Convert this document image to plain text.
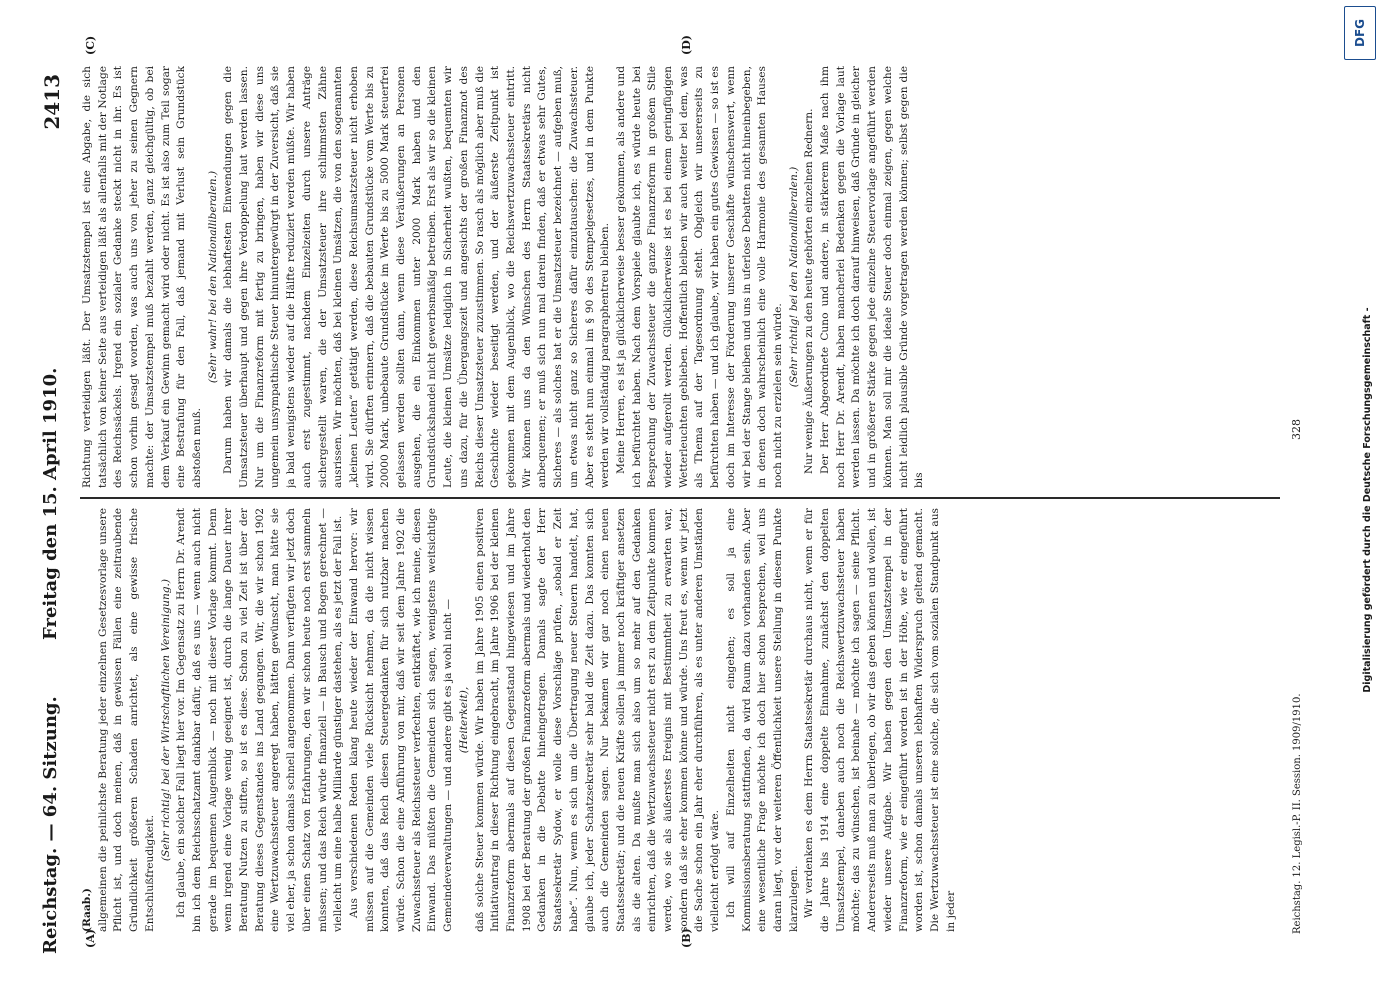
Reichstag. — 64. Sitzung.
Freitag den 15. April 1910.
2413
(A)	(B)
(C)	(D)

(Raab.) allgemeinen die peinlichste Beratung jeder einzelnen Gesetzesvorlage unsere Pflicht ist, und doch meinen, daß in gewissen Fällen eine zeitraubende Gründlichkeit größeren Schaden anrichtet, als eine gewisse frische Entschlußfreudigkeit.

(Sehr richtig! bei der Wirtschaftlichen Vereinigung.) Ich glaube, ein solcher Fall liegt hier vor. Im Gegensatz zu Herrn Dr. Arendt bin ich dem Reichsschatzamt dankbar dafür, daß es uns — wenn auch nicht gerade im bequemen Augenblick — noch mit dieser Vorlage kommt. Denn wenn irgend eine Vorlage wenig geeignet ist, durch die lange Dauer ihrer Beratung Nutzen zu stiften, so ist es diese. Schon zu viel Zeit ist über der Beratung dieses Gegenstandes ins Land gegangen. Wir, die wir schon 1902 eine Wertzuwachssteuer angeregt haben, hätten gewünscht, man hätte sie viel eher, ja schon damals schnell angenommen. Dann verfügten wir jetzt doch über einen Schatz von Erfahrungen, den wir schon heute noch erst sammeln müssen; und das Reich würde finanziell — in Bausch und Bogen gerechnet — vielleicht um eine halbe Milliarde günstiger dastehen, als es jetzt der Fall ist. Aus verschiedenen Reden klang heute wieder der Einwand hervor: wir müssen auf die Gemeinden viele Rücksicht nehmen, da die nicht wissen konnten, daß das Reich diesen Steuergedanken für sich nutzbar machen würde. Schon die eine Anführung von mir, daß wir seit dem Jahre 1902 die Zuwachssteuer als Reichssteuer verfechten, entkräftet, wie ich meine, diesen Einwand. Das müßten die Gemeinden sich sagen, wenigstens weitsichtige Gemeindeverwaltungen — und andere gibt es ja wohl nicht — (Heiterkeit), daß solche Steuer kommen würde. Wir haben im Jahre 1905 einen positiven Initiativantrag in dieser Richtung eingebracht, im Jahre 1906 bei der kleinen Finanzreform abermals auf diesen Gegenstand hingewiesen und im Jahre 1908 bei der Beratung der großen Finanzreform abermals und wiederholt den Gedanken in die Debatte hineingetragen. Damals sagte der Herr Staatssekretär Sydow, er wolle diese Vorschläge prüfen, „sobald er Zeit habe“. Nun, wenn es sich um die Übertragung neuer Steuern handelt, hat, glaube ich, jeder Schatzsekretär sehr bald die Zeit dazu. Das konnten sich auch die Gemeinden sagen. Nur bekamen wir gar noch einen neuen Staatssekretär; und die neuen Kräfte sollen ja immer noch kräftiger ansetzen als die alten. Da mußte man sich also um so mehr auf den Gedanken einrichten, daß die Wertzuwachssteuer nicht erst zu dem Zeitpunkte kommen werde, wo sie als äußerstes Ereignis mit Bestimmtheit zu erwarten war, sondern daß sie eher kommen könne und würde. Uns freut es, wenn wir jetzt die Sache schon ein Jahr eher durchführen, als es unter anderen Umständen vielleicht erfolgt wäre. Ich will auf Einzelheiten nicht eingehen; es soll ja eine Kommissionsberatung stattfinden, da wird Raum dazu vorhanden sein. Aber eine wesentliche Frage möchte ich doch hier schon besprechen, weil uns daran liegt, vor der weiteren Öffentlichkeit unsere Stellung in diesem Punkte klarzulegen. Wir verdenken es dem Herrn Staatssekretär durchaus nicht, wenn er für die Jahre bis 1914 eine doppelte Einnahme, zunächst den doppelten Umsatzstempel, daneben auch noch die Reichswertzuwachssteuer haben möchte; das zu wünschen, ist beinahe — möchte ich sagen — seine Pflicht. Andererseits muß man zu überlegen, ob wir das geben können und wollen, ist wieder unsere Aufgabe. Wir haben gegen den Umsatzstempel in der Finanzreform, wie er eingeführt worden ist in der Höhe, wie er eingeführt worden ist, schon damals unseren lebhaften Widerspruch geltend gemacht. Die Wertzuwachssteuer ist eine solche, die sich vom sozialen Standpunkt aus in jeder

Richtung verteidigen läßt. Der Umsatzstempel ist eine Abgabe, die sich tatsächlich von keiner Seite aus verteidigen läßt als allenfalls mit der Notlage des Reichssäckels. Irgend ein sozialer Gedanke steckt nicht in ihr. Es ist schon vorhin gesagt worden, was auch uns von jeher zu seinen Gegnern machte: der Umsatzstempel muß bezahlt werden, ganz gleichgültig, ob bei dem Verkauf ein Gewinn gemacht wird oder nicht. Es ist also zum Teil sogar eine Bestrafung für den Fall, daß jemand mit Verlust sein Grundstück abstoßen muß.

(Sehr wahr! bei den Nationalliberalen.) Darum haben wir damals die lebhaftesten Einwendungen gegen die Umsatzsteuer überhaupt und gegen ihre Verdoppelung laut werden lassen. Nur um die Finanzreform mit fertig zu bringen, haben wir diese uns ungemein unsympathische Steuer hinuntergewürgt in der Zuversicht, daß sie ja bald wenigstens wieder auf die Hälfte reduziert werden müßte. Wir haben auch erst zugestimmt, nachdem Einzelzeiten durch unsere Anträge sichergestellt waren, die der Umsatzsteuer ihre schlimmsten Zähne ausrissen. Wir möchten, daß bei kleinen Umsätzen, die von den sogenannten „kleinen Leuten“ getätigt werden, diese Reichsumsatzsteuer nicht erhoben wird. Sie dürften erinnern, daß die bebauten Grundstücke vom Werte bis zu 20000 Mark, unbebaute Grundstücke im Werte bis zu 5000 Mark steuerfrei gelassen werden sollten dann, wenn diese Veräußerungen an Personen ausgehen, die ein Einkommen unter 2000 Mark haben und den Grundstückshandel nicht gewerbsmäßig betreiben. Erst als wir so die kleinen Leute, die kleinen Umsätze lediglich in Sicherheit wußten, bequemten wir uns dazu, für die Übergangszeit und angesichts der großen Finanznot des Reichs dieser Umsatzsteuer zuzustimmen. So rasch als möglich aber muß die Geschichte wieder beseitigt werden, und der äußerste Zeitpunkt ist gekommen mit dem Augenblick, wo die Reichswertzuwachssteuer eintritt. Wir können uns da den Wünschen des Herrn Staatssekretärs nicht anbequemen; er muß sich nun mal darein finden, daß er etwas sehr Gutes, Sicheres — als solches hat er die Umsatzsteuer bezeichnet — aufgeben muß, um etwas nicht ganz so Sicheres dafür einzutauschen: die Zuwachssteuer. Aber es steht nun einmal im § 90 des Stempelgesetzes, und in dem Punkte werden wir vollständig paragraphentreu bleiben. Meine Herren, es ist ja glücklicherweise besser gekommen, als andere und ich befürchtet haben. Nach dem Vorspiele glaubte ich, es würde heute bei Besprechung der Zuwachssteuer die ganze Finanzreform in großem Stile wieder aufgerollt werden. Glücklicherweise ist es bei einem geringfügigen Wetterleuchten geblieben. Hoffentlich bleiben wir auch weiter bei dem, was als Thema auf der Tagesordnung steht. Obgleich wir unsererseits zu befürchten haben — und ich glaube, wir haben ein gutes Gewissen — so ist es doch im Interesse der Förderung unserer Geschäfte wünschenswert, wenn wir bei der Stange bleiben und uns in uferlose Debatten nicht hineinbegeben, in denen doch wahrscheinlich eine volle Harmonie des gesamten Hauses noch nicht zu erzielen sein würde.

(Sehr richtig! bei den Nationalliberalen.) Nur wenige Äußerungen zu den heute gehörten einzelnen Rednern. Der Herr Abgeordnete Cuno und andere, in stärkerem Maße nach ihm noch Herr Dr. Arendt, haben mancherlei Bedenken gegen die Vorlage laut werden lassen. Da möchte ich doch darauf hinweisen, daß Gründe in gleicher und in größerer Stärke gegen jede einzelne Steuervorlage angeführt werden können. Man soll mir die ideale Steuer doch einmal zeigen, gegen welche nicht leidlich plausible Gründe vorgetragen werden können; selbst gegen die bis

Reichstag. 12. Legisl.-P. II. Session. 1909/1910.
328	Digitalisierung gefördert durch die Deutsche Forschungsgemeinschaft -
DFG
